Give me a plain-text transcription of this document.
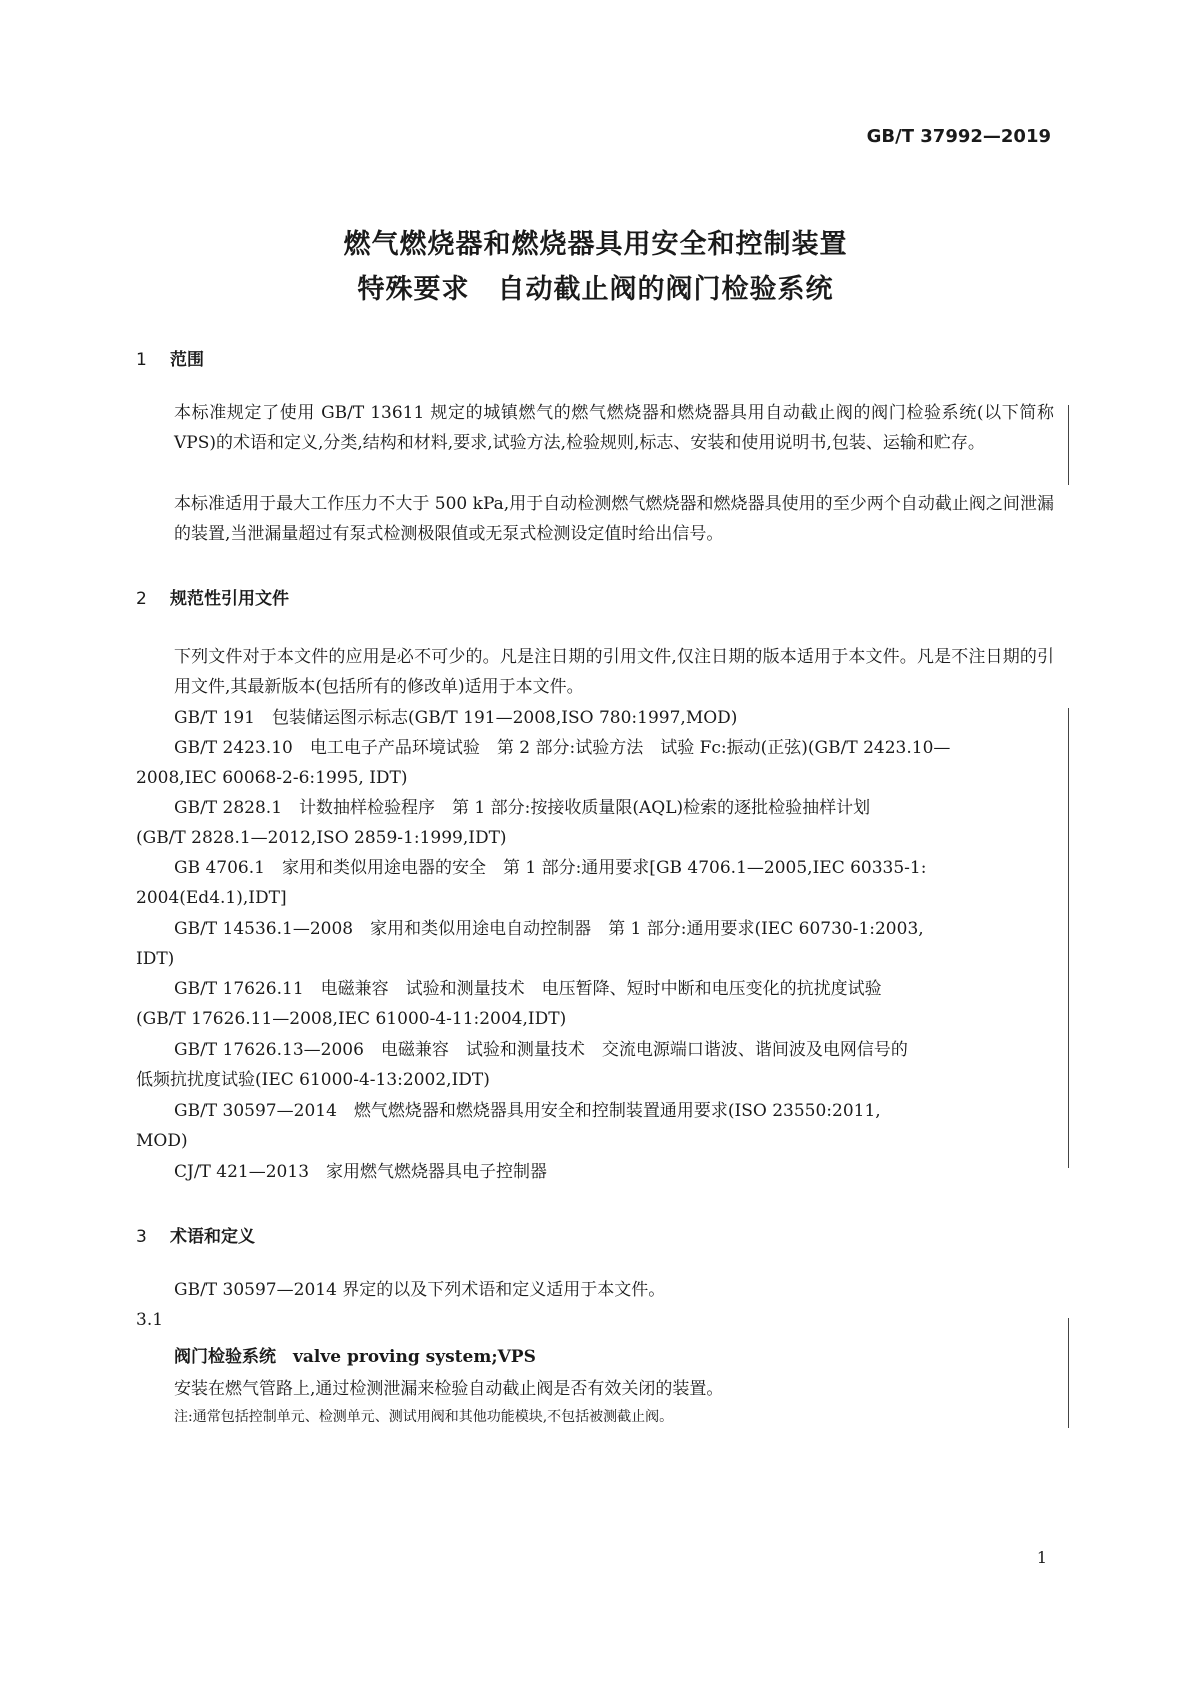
GB/T 37992—2019
燃气燃烧器和燃烧器具用安全和控制装置
特殊要求　自动截止阀的阀门检验系统
1 范围
本标准规定了使用 GB/T 13611 规定的城镇燃气的燃气燃烧器和燃烧器具用自动截止阀的阀门检验系统(以下简称 VPS)的术语和定义,分类,结构和材料,要求,试验方法,检验规则,标志、安装和使用说明书,包装、运输和贮存。
本标准适用于最大工作压力不大于 500 kPa,用于自动检测燃气燃烧器和燃烧器具使用的至少两个自动截止阀之间泄漏的装置,当泄漏量超过有泵式检测极限值或无泵式检测设定值时给出信号。
2 规范性引用文件
下列文件对于本文件的应用是必不可少的。凡是注日期的引用文件,仅注日期的版本适用于本文件。凡是不注日期的引用文件,其最新版本(包括所有的修改单)适用于本文件。
GB/T 191　包装储运图示标志(GB/T 191—2008,ISO 780:1997,MOD)
GB/T 2423.10　电工电子产品环境试验　第 2 部分:试验方法　试验 Fc:振动(正弦)(GB/T 2423.10—
2008,IEC 60068-2-6:1995, IDT)
GB/T 2828.1　计数抽样检验程序　第 1 部分:按接收质量限(AQL)检索的逐批检验抽样计划
(GB/T 2828.1—2012,ISO 2859-1:1999,IDT)
GB 4706.1　家用和类似用途电器的安全　第 1 部分:通用要求[GB 4706.1—2005,IEC 60335-1:
2004(Ed4.1),IDT]
GB/T 14536.1—2008　家用和类似用途电自动控制器　第 1 部分:通用要求(IEC 60730-1:2003,
IDT)
GB/T 17626.11　电磁兼容　试验和测量技术　电压暂降、短时中断和电压变化的抗扰度试验
(GB/T 17626.11—2008,IEC 61000-4-11:2004,IDT)
GB/T 17626.13—2006　电磁兼容　试验和测量技术　交流电源端口谐波、谐间波及电网信号的
低频抗扰度试验(IEC 61000-4-13:2002,IDT)
GB/T 30597—2014　燃气燃烧器和燃烧器具用安全和控制装置通用要求(ISO 23550:2011,
MOD)
CJ/T 421—2013　家用燃气燃烧器具电子控制器
3 术语和定义
GB/T 30597—2014 界定的以及下列术语和定义适用于本文件。
3.1
阀门检验系统　 valve proving system;VPS
安装在燃气管路上,通过检测泄漏来检验自动截止阀是否有效关闭的装置。
注:通常包括控制单元、检测单元、测试用阀和其他功能模块,不包括被测截止阀。
1
